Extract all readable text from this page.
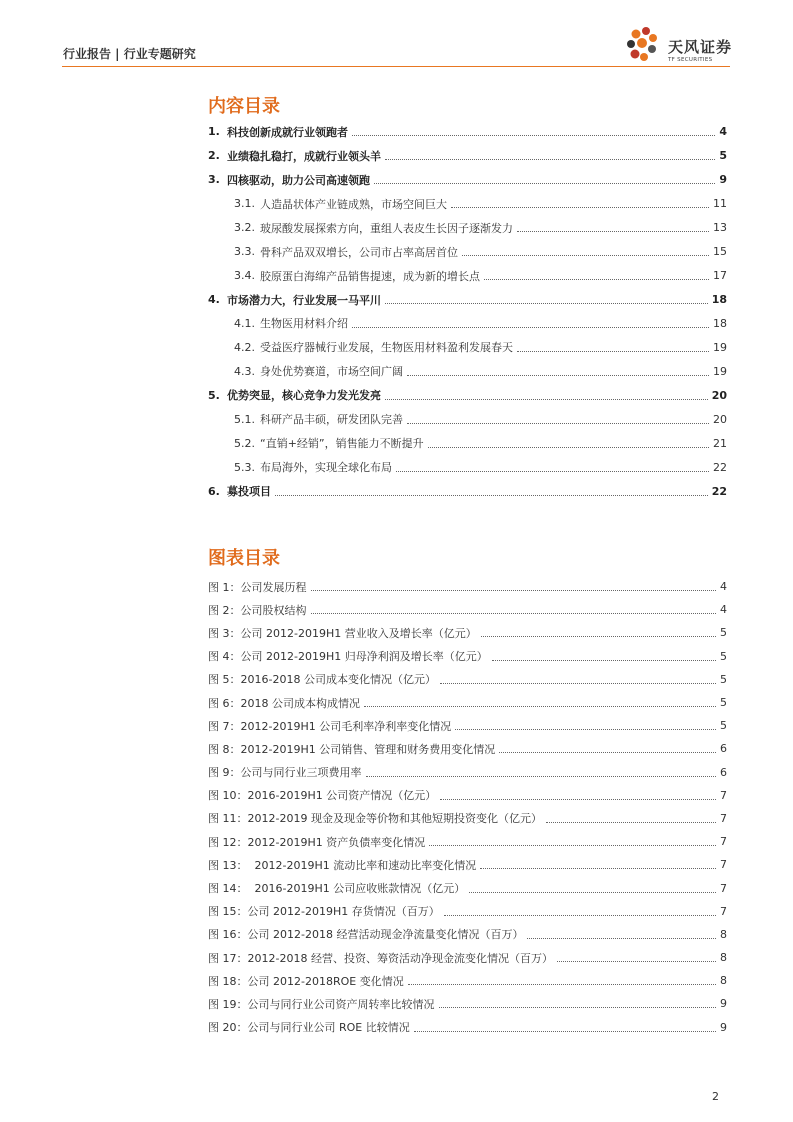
行业报告 | 行业专题研究	天风证券
TF SECURITIES
内容目录
1. 科技创新成就行业领跑者	4
2. 业绩稳扎稳打，成就行业领头羊	5
3. 四核驱动，助力公司高速领跑	9
3.1. 人造晶状体产业链成熟，市场空间巨大	11
3.2. 玻尿酸发展探索方向，重组人表皮生长因子逐渐发力	13
3.3. 骨科产品双双增长，公司市占率高居首位	15
3.4. 胶原蛋白海绵产品销售提速，成为新的增长点	17
4. 市场潜力大，行业发展一马平川	18
4.1. 生物医用材料介绍	18
4.2. 受益医疗器械行业发展，生物医用材料盈利发展春天	19
4.3. 身处优势赛道，市场空间广阔	19
5. 优势突显，核心竞争力发光发亮	20
5.1. 科研产品丰硕，研发团队完善	20
5.2. “直销+经销”，销售能力不断提升	21
5.3. 布局海外，实现全球化布局	22
6. 募投项目	22
图表目录
图 1：公司发展历程	4
图 2：公司股权结构	4
图 3：公司 2012-2019H1 营业收入及增长率（亿元）	5
图 4：公司 2012-2019H1 归母净利润及增长率（亿元）	5
图 5：2016-2018 公司成本变化情况（亿元）	5
图 6：2018 公司成本构成情况	5
图 7：2012-2019H1 公司毛利率净利率变化情况	5
图 8：2012-2019H1 公司销售、管理和财务费用变化情况	6
图 9：公司与同行业三项费用率	6
图 10：2016-2019H1 公司资产情况（亿元）	7
图 11：2012-2019 现金及现金等价物和其他短期投资变化（亿元）	7
图 12：2012-2019H1 资产负债率变化情况	7
图 13：  2012-2019H1 流动比率和速动比率变化情况	7
图 14：  2016-2019H1 公司应收账款情况（亿元）	7
图 15：公司 2012-2019H1 存货情况（百万）	7
图 16：公司 2012-2018 经营活动现金净流量变化情况（百万）	8
图 17：2012-2018 经营、投资、筹资活动净现金流变化情况（百万）	8
图 18：公司 2012-2018ROE 变化情况	8
图 19：公司与同行业公司资产周转率比较情况	9
图 20：公司与同行业公司 ROE 比较情况	9
2
